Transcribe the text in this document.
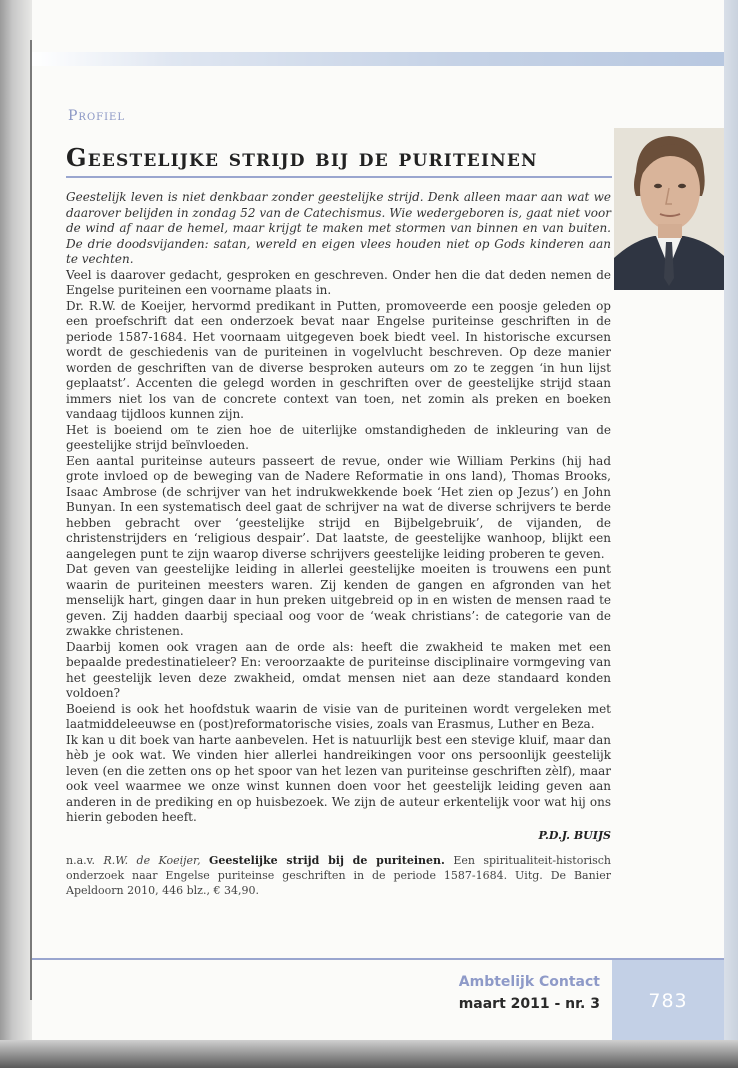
Profiel
Geestelijke strijd bij de puriteinen

Geestelijk leven is niet denkbaar zonder geestelijke strijd. Denk alleen maar aan wat we daarover belijden in zondag 52 van de Catechismus. Wie wedergeboren is, gaat niet voor de wind af naar de hemel, maar krijgt te maken met stormen van binnen en van buiten. De drie doodsvijanden: satan, wereld en eigen vlees houden niet op Gods kinderen aan te vechten.

Veel is daarover gedacht, gesproken en geschreven. Onder hen die dat deden nemen de Engelse puriteinen een voorname plaats in.

Dr. R.W. de Koeijer, hervormd predikant in Putten, promoveerde een poosje geleden op een proefschrift dat een onderzoek bevat naar Engelse puriteinse geschriften in de periode 1587-1684. Het voornaam uitgegeven boek biedt veel. In historische excursen wordt de geschiedenis van de puriteinen in vogelvlucht beschreven. Op deze manier worden de geschriften van de diverse besproken auteurs om zo te zeggen ‘in hun lijst geplaatst’. Accenten die gelegd worden in geschriften over de geestelijke strijd staan immers niet los van de concrete context van toen, net zomin als preken en boeken vandaag tijdloos kunnen zijn.

Het is boeiend om te zien hoe de uiterlijke omstandigheden de inkleuring van de geestelijke strijd beïnvloeden.

Een aantal puriteinse auteurs passeert de revue, onder wie William Perkins (hij had grote invloed op de beweging van de Nadere Reformatie in ons land), Thomas Brooks, Isaac Ambrose (de schrijver van het indrukwekkende boek ‘Het zien op Jezus’) en John Bunyan. In een systematisch deel gaat de schrijver na wat de diverse schrijvers te berde hebben gebracht over ‘geestelijke strijd en Bijbelgebruik’, de vijanden, de christenstrijders en ‘religious despair’. Dat laatste, de geestelijke wanhoop, blijkt een aangelegen punt te zijn waarop diverse schrijvers geestelijke leiding proberen te geven.

Dat geven van geestelijke leiding in allerlei geestelijke moeiten is trouwens een punt waarin de puriteinen meesters waren. Zij kenden de gangen en afgronden van het menselijk hart, gingen daar in hun preken uitgebreid op in en wisten de mensen raad te geven. Zij hadden daarbij speciaal oog voor de ‘weak christians’: de categorie van de zwakke christenen.

Daarbij komen ook vragen aan de orde als: heeft die zwakheid te maken met een bepaalde predestinatieleer? En: veroorzaakte de puriteinse disciplinaire vormgeving van het geestelijk leven deze zwakheid, omdat mensen niet aan deze standaard konden voldoen?

Boeiend is ook het hoofdstuk waarin de visie van de puriteinen wordt vergeleken met laatmiddeleeuwse en (post)reformatorische visies, zoals van Erasmus, Luther en Beza.

Ik kan u dit boek van harte aanbevelen. Het is natuurlijk best een stevige kluif, maar dan hèb je ook wat. We vinden hier allerlei handreikingen voor ons persoonlijk geestelijk leven (en die zetten ons op het spoor van het lezen van puriteinse geschriften zèlf), maar ook veel waarmee we onze winst kunnen doen voor het geestelijk leiding geven aan anderen in de prediking en op huisbezoek. We zijn de auteur erkentelijk voor wat hij ons hierin geboden heeft.

P.D.J. BUIJS
n.a.v. R.W. de Koeijer, Geestelijke strijd bij de puriteinen. Een spiritualiteit-historisch onderzoek naar Engelse puriteinse geschriften in de periode 1587-1684. Uitg. De Banier Apeldoorn 2010, 446 blz., € 34,90.
Ambtelijk Contact
maart 2011 - nr. 3	783
